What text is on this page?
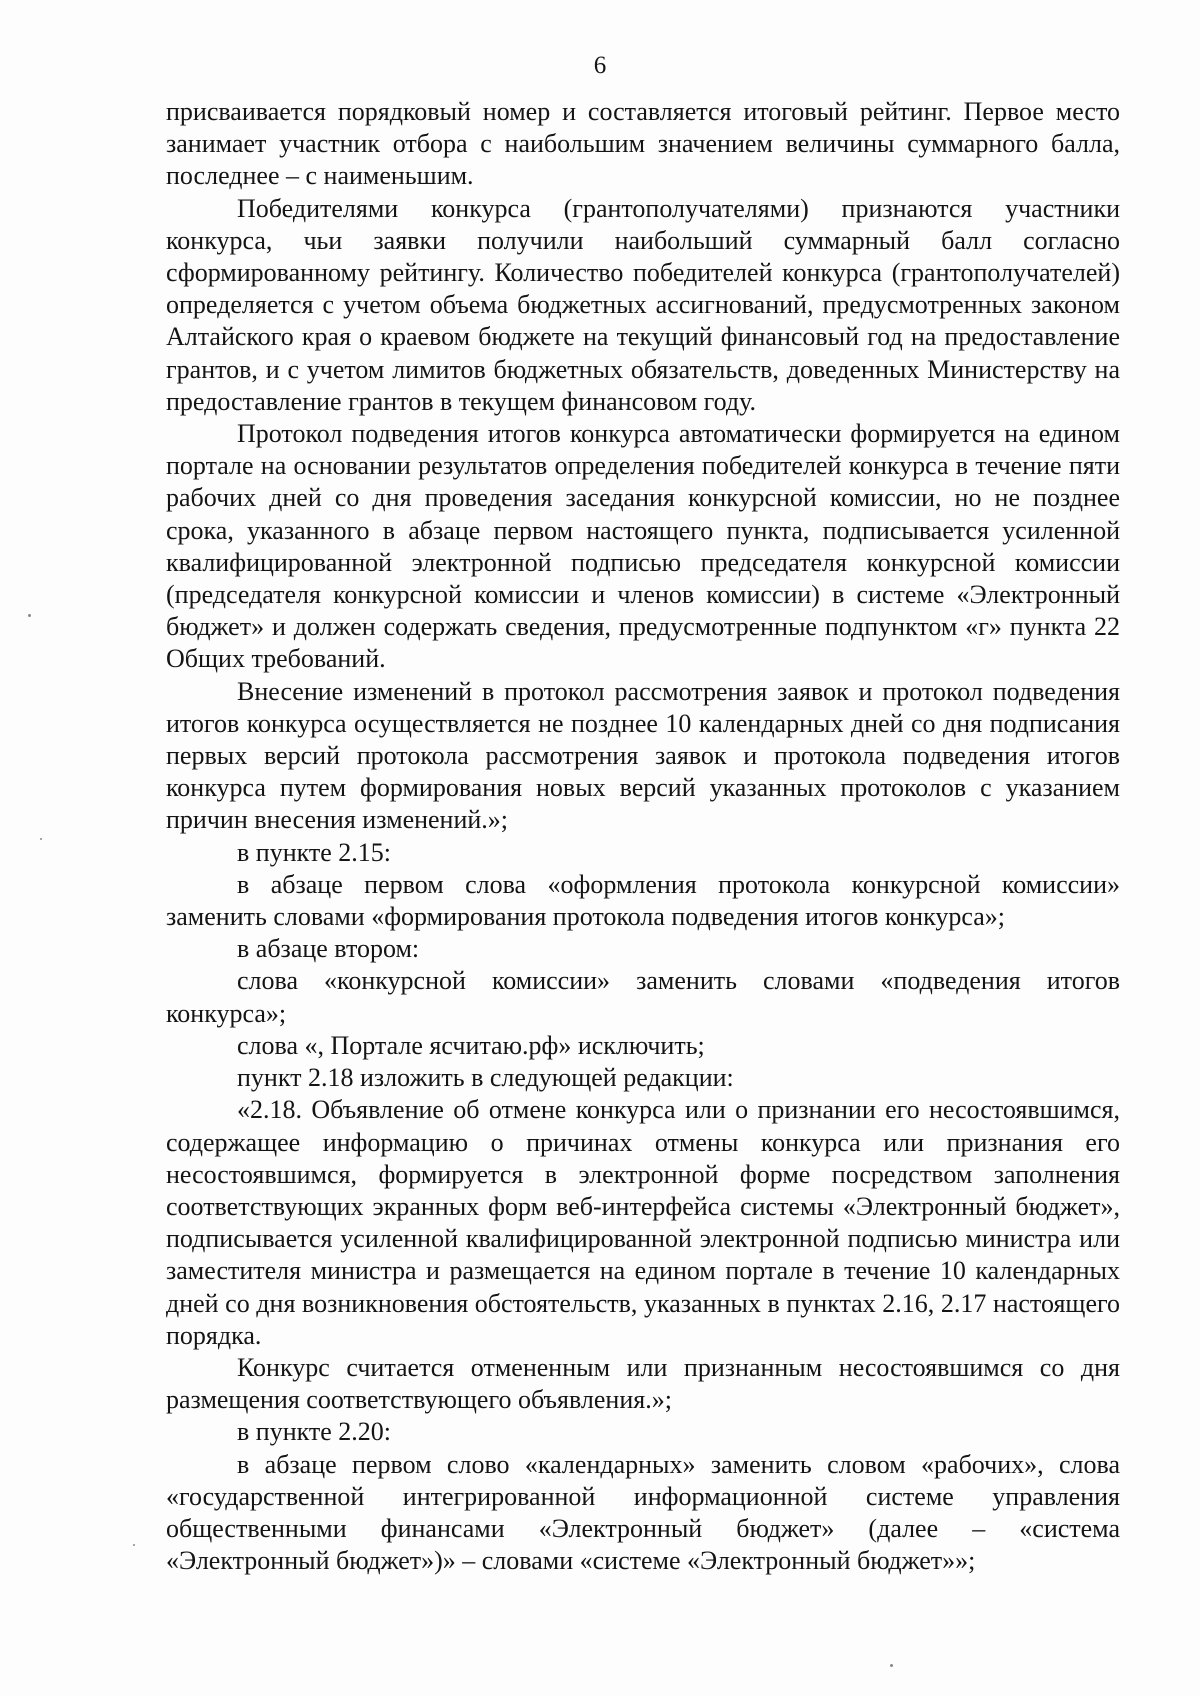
6

присваивается порядковый номер и составляется итоговый рейтинг. Первое место занимает участник отбора с наибольшим значением величины суммарного балла, последнее – с наименьшим.

Победителями конкурса (грантополучателями) признаются участники конкурса, чьи заявки получили наибольший суммарный балл согласно сформированному рейтингу. Количество победителей конкурса (грантополучателей) определяется с учетом объема бюджетных ассигнований, предусмотренных законом Алтайского края о краевом бюджете на текущий финансовый год на предоставление грантов, и с учетом лимитов бюджетных обязательств, доведенных Министерству на предоставление грантов в текущем финансовом году.

Протокол подведения итогов конкурса автоматически формируется на едином портале на основании результатов определения победителей конкурса в течение пяти рабочих дней со дня проведения заседания конкурсной комиссии, но не позднее срока, указанного в абзаце первом настоящего пункта, подписывается усиленной квалифицированной электронной подписью председателя конкурсной комиссии (председателя конкурсной комиссии и членов комиссии) в системе «Электронный бюджет» и должен содержать сведения, предусмотренные подпунктом «г» пункта 22 Общих требований.

Внесение изменений в протокол рассмотрения заявок и протокол подведения итогов конкурса осуществляется не позднее 10 календарных дней со дня подписания первых версий протокола рассмотрения заявок и протокола подведения итогов конкурса путем формирования новых версий указанных протоколов с указанием причин внесения изменений.»;

в пункте 2.15:

в абзаце первом слова «оформления протокола конкурсной комиссии» заменить словами «формирования протокола подведения итогов конкурса»;

в абзаце втором:

слова «конкурсной комиссии» заменить словами «подведения итогов конкурса»;

слова «, Портале ясчитаю.рф» исключить;

пункт 2.18 изложить в следующей редакции:

«2.18. Объявление об отмене конкурса или о признании его несостоявшимся, содержащее информацию о причинах отмены конкурса или признания его несостоявшимся, формируется в электронной форме посредством заполнения соответствующих экранных форм веб-интерфейса системы «Электронный бюджет», подписывается усиленной квалифицированной электронной подписью министра или заместителя министра и размещается на едином портале в течение 10 календарных дней со дня возникновения обстоятельств, указанных в пунктах 2.16, 2.17 настоящего порядка.

Конкурс считается отмененным или признанным несостоявшимся со дня размещения соответствующего объявления.»;

в пункте 2.20:

в абзаце первом слово «календарных» заменить словом «рабочих», слова «государственной интегрированной информационной системе управления общественными финансами «Электронный бюджет» (далее – «система «Электронный бюджет»)» – словами «системе «Электронный бюджет»»;
